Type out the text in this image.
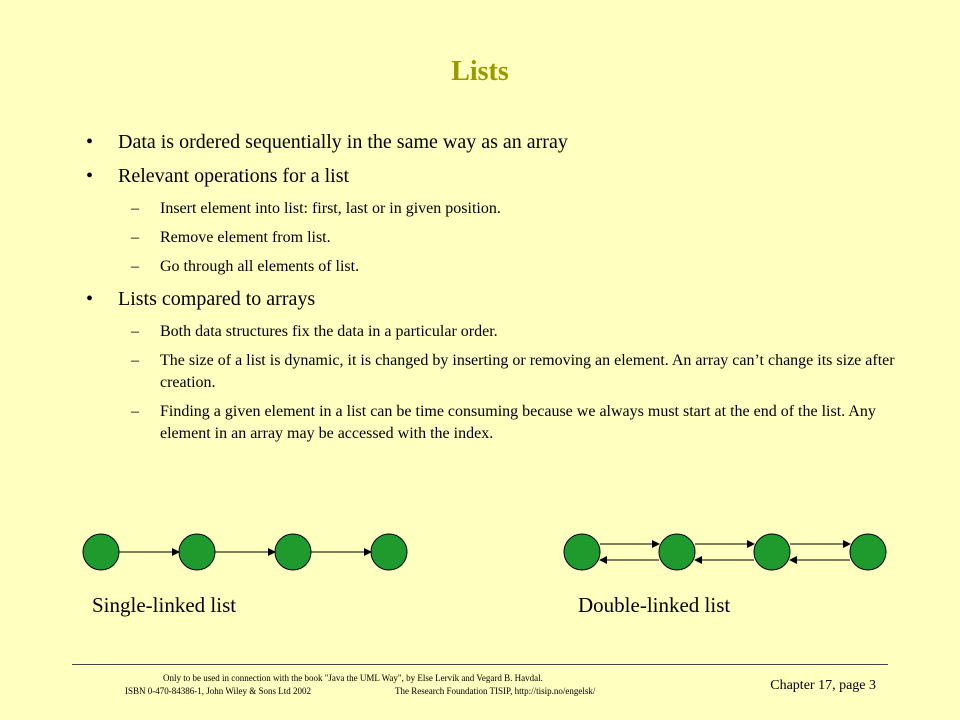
Lists
• Data is ordered sequentially in the same way as an array
• Relevant operations for a list
– Insert element into list: first, last or in given position.
– Remove element from list.
– Go through all elements of list.
• Lists compared to arrays
– Both data structures fix the data in a particular order.
– The size of a list is dynamic, it is changed by inserting or removing an element. An array can’t change its size after creation.
– Finding a given element in a list can be time consuming because we always must start at the end of the list. Any element in an array may be accessed with the index.
Single-linked list	Double-linked list
Only to be used in connection with the book "Java the UML Way", by Else Lervik and Vegard B. Havdal.
ISBN 0-470-84386-1, John Wiley & Sons Ltd 2002	The Research Foundation TISIP, http://tisip.no/engelsk/	Chapter 17, page 3
